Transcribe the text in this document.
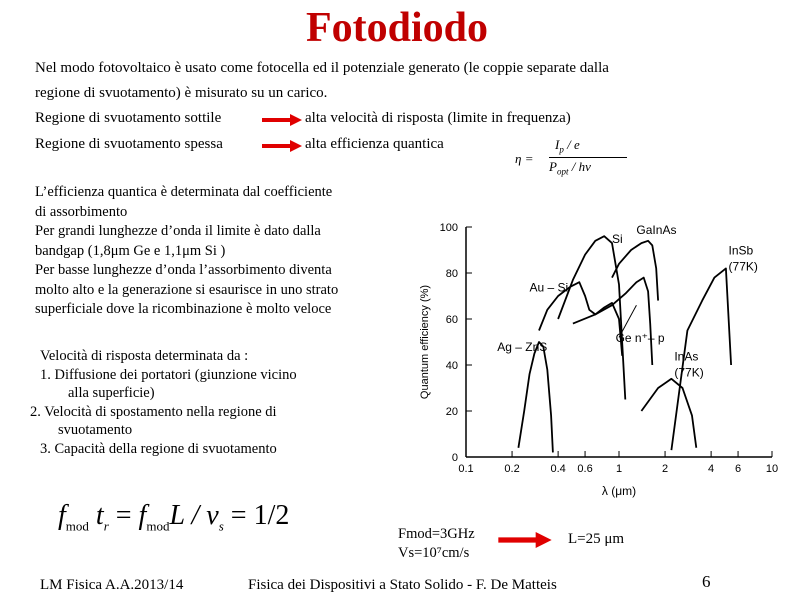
Fotodiodo
Nel modo fotovoltaico è usato come fotocella ed il potenziale generato (le coppie separate dalla
regione di svuotamento) è misurato su un carico.
Regione di svuotamento sottile	alta velocità di risposta (limite in frequenza)
Regione di svuotamento spessa	alta efficienza quantica
η =
$I_p$ / e
$P_{opt}$ / hν
L’efficienza quantica è determinata dal coefficiente
di assorbimento
Per grandi lunghezze d’onda il limite è dato dalla
bandgap (1,8μm Ge e 1,1μm Si )
Per basse lunghezze d’onda l’assorbimento diventa
molto alto e la generazione si esaurisce in uno strato
superficiale dove la ricombinazione è molto veloce
Velocità di risposta determinata da :
1. Diffusione dei portatori (giunzione vicino
alla superficie)
2. Velocità di spostamento nella regione di
svuotamento
3. Capacità della regione di svuotamento
0
20
40
60
80
100
0.1	0.2	0.4 0.6 1	2	4 6 10
λ (μm)
Quantum efficiency (%)
Si
GaInAs
InSb
(77K)
Au – Si
Ge n⁺– p
Ag – ZnS
InAs
(77K)
$f_{mod}$ $t_r = f_{mod}L / v_s = 1/2$
Fmod=3GHz
Vs=10⁷cm/s
L=25 μm
LM Fisica A.A.2013/14	Fisica dei Dispositivi a Stato Solido - F. De Matteis	6
